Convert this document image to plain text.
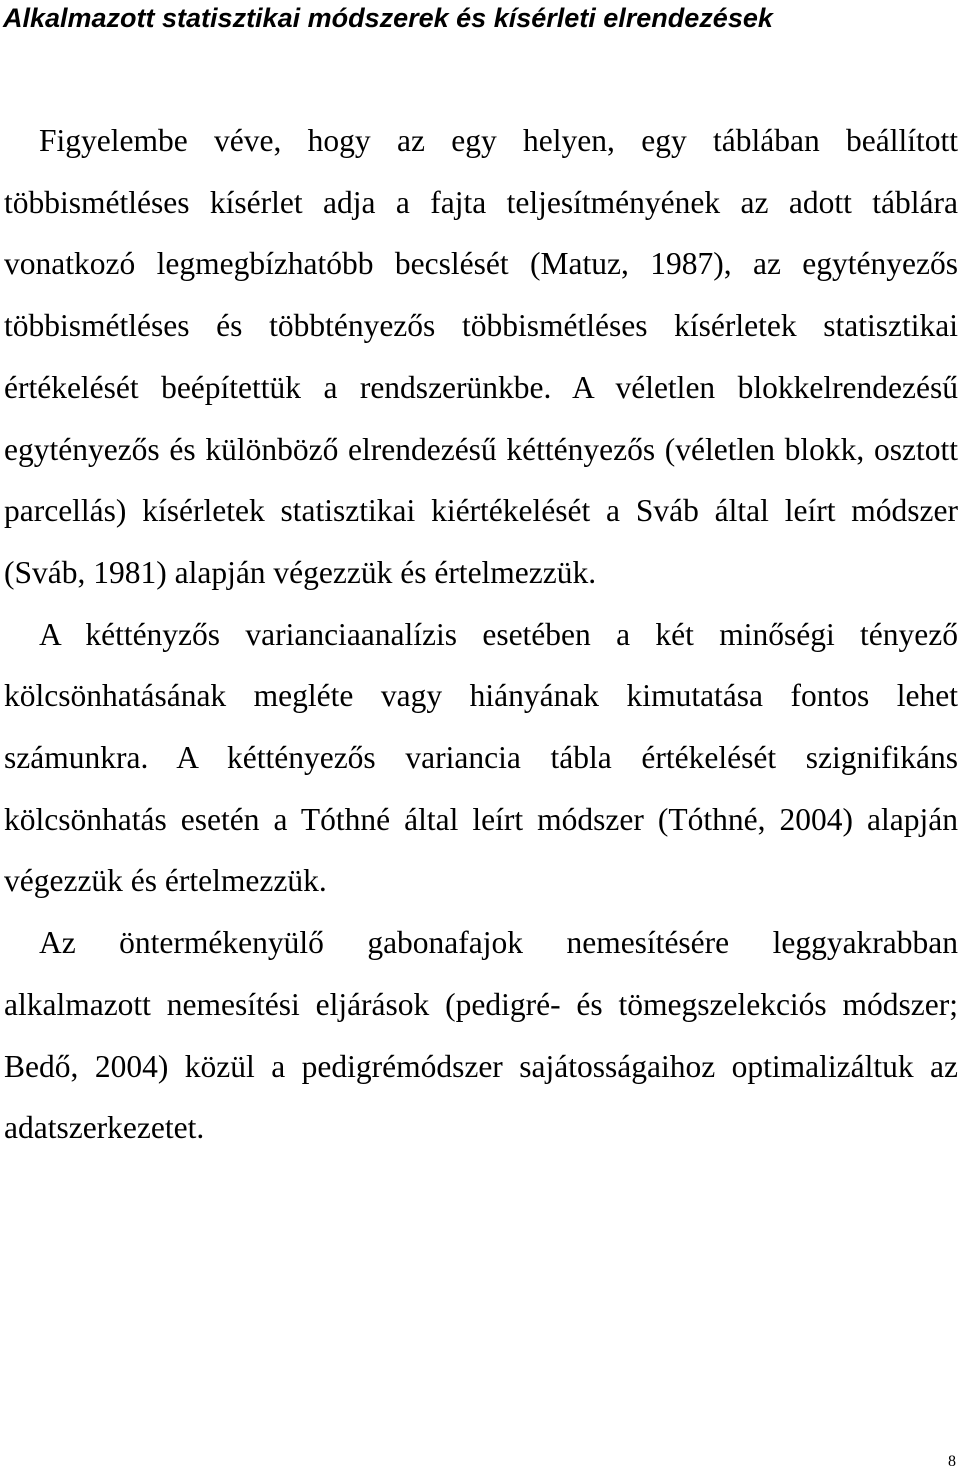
Alkalmazott statisztikai módszerek és kísérleti elrendezések

Figyelembe véve, hogy az egy helyen, egy táblában beállított többismétléses kísérlet adja a fajta teljesítményének az adott táblára vonatkozó legmegbízhatóbb becslését (Matuz, 1987), az egytényezős többismétléses és többtényezős többismétléses kísérletek statisztikai értékelését beépítettük a rendszerünkbe. A véletlen blokkelrendezésű egytényezős és különböző elrendezésű kéttényezős (véletlen blokk, osztott parcellás) kísérletek statisztikai kiértékelését a Sváb által leírt módszer (Sváb, 1981) alapján végezzük és értelmezzük.

A kéttényzős varianciaanalízis esetében a két minőségi tényező kölcsönhatásának megléte vagy hiányának kimutatása fontos lehet számunkra. A kéttényezős variancia tábla értékelését szignifikáns kölcsönhatás esetén a Tóthné által leírt módszer (Tóthné, 2004) alapján végezzük és értelmezzük.

Az öntermékenyülő gabonafajok nemesítésére leggyakrabban alkalmazott nemesítési eljárások (pedigré- és tömegszelekciós módszer; Bedő, 2004) közül a pedigrémódszer sajátosságaihoz optimalizáltuk az adatszerkezetet.

8
